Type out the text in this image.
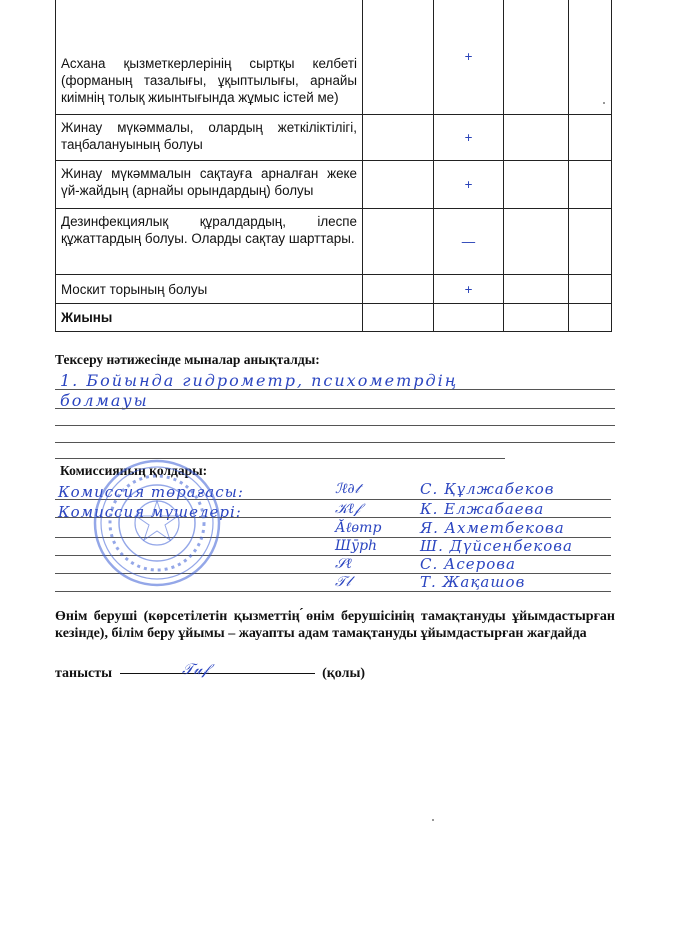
Асхана қызметкерлерінің сыртқы келбеті (форманың тазалығы, ұқыптылығы, арнайы киімнің толық жиынтығында жұмыс істей ме)		+		
Жинау мүкәммалы, олардың жеткіліктілігі, таңбалануының болуы		+		
Жинау мүкәммалын сақтауға арналған жеке үй-жайдың (арнайы орындардың) болуы		+		
Дезинфекциялық құралдардың, ілеспе құжаттардың болуы. Оларды сақтау шарттары.		—		
Москит торының болуы		+		
Жиыны				
Тексеру нәтижесінде мыналар анықталды:
1. Бойында гидрометр, психометрдің
болмауы
Комиссияның қолдары:
Комиссия төрағасы:
Комиссия мүшелері:
ℐℓ∂𝓉
𝒦ℓ𝒻
Ӑℓѳтр
Шӯрһ
𝒮ℓ
𝒯𝓁
С. Құлжабеков
К. Елжабаева
Я. Ахметбекова
Ш. Дүйсенбекова
С. Асерова
Т. Жақашов
Өнім беруші (көрсетілетін қызметтің ́өнім берушісінің тамақтануды ұйымдастырған кезінде), білім беру ұйымы – жауапты адам тамақтануды ұйымдастырған жағдайда
танысты	(қолы)
𝒯𝓊𝒻
